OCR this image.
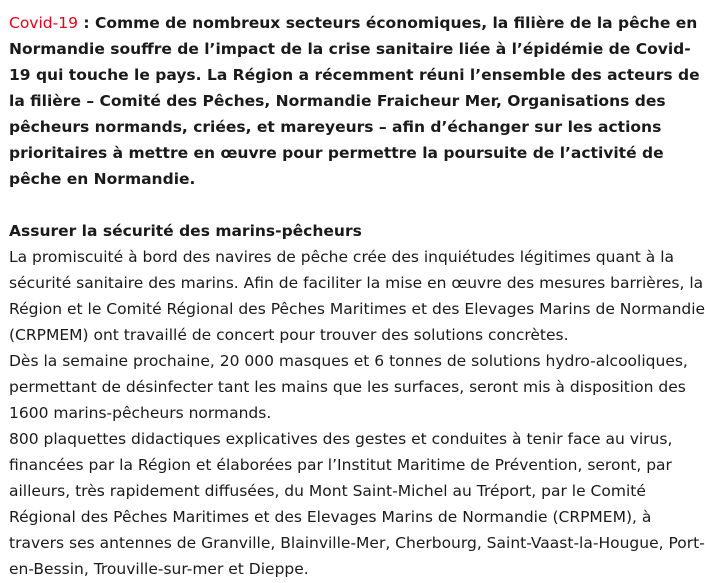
Covid-19 : Comme de nombreux secteurs économiques, la filière de la pêche en Normandie souffre de l’impact de la crise sanitaire liée à l’épidémie de Covid-19 qui touche le pays. La Région a récemment réuni l’ensemble des acteurs de la filière – Comité des Pêches, Normandie Fraicheur Mer, Organisations des pêcheurs normands, criées, et mareyeurs – afin d’échanger sur les actions prioritaires à mettre en œuvre pour permettre la poursuite de l’activité de pêche en Normandie.

Assurer la sécurité des marins-pêcheurs

La promiscuité à bord des navires de pêche crée des inquiétudes légitimes quant à la sécurité sanitaire des marins. Afin de faciliter la mise en œuvre des mesures barrières, la Région et le Comité Régional des Pêches Maritimes et des Elevages Marins de Normandie (CRPMEM) ont travaillé de concert pour trouver des solutions concrètes.

Dès la semaine prochaine, 20 000 masques et 6 tonnes de solutions hydro-alcooliques, permettant de désinfecter tant les mains que les surfaces, seront mis à disposition des 1600 marins-pêcheurs normands.

800 plaquettes didactiques explicatives des gestes et conduites à tenir face au virus, financées par la Région et élaborées par l’Institut Maritime de Prévention, seront, par ailleurs, très rapidement diffusées, du Mont Saint-Michel au Tréport, par le Comité Régional des Pêches Maritimes et des Elevages Marins de Normandie (CRPMEM), à travers ses antennes de Granville, Blainville-Mer, Cherbourg, Saint-Vaast-la-Hougue, Port-en-Bessin, Trouville-sur-mer et Dieppe.
